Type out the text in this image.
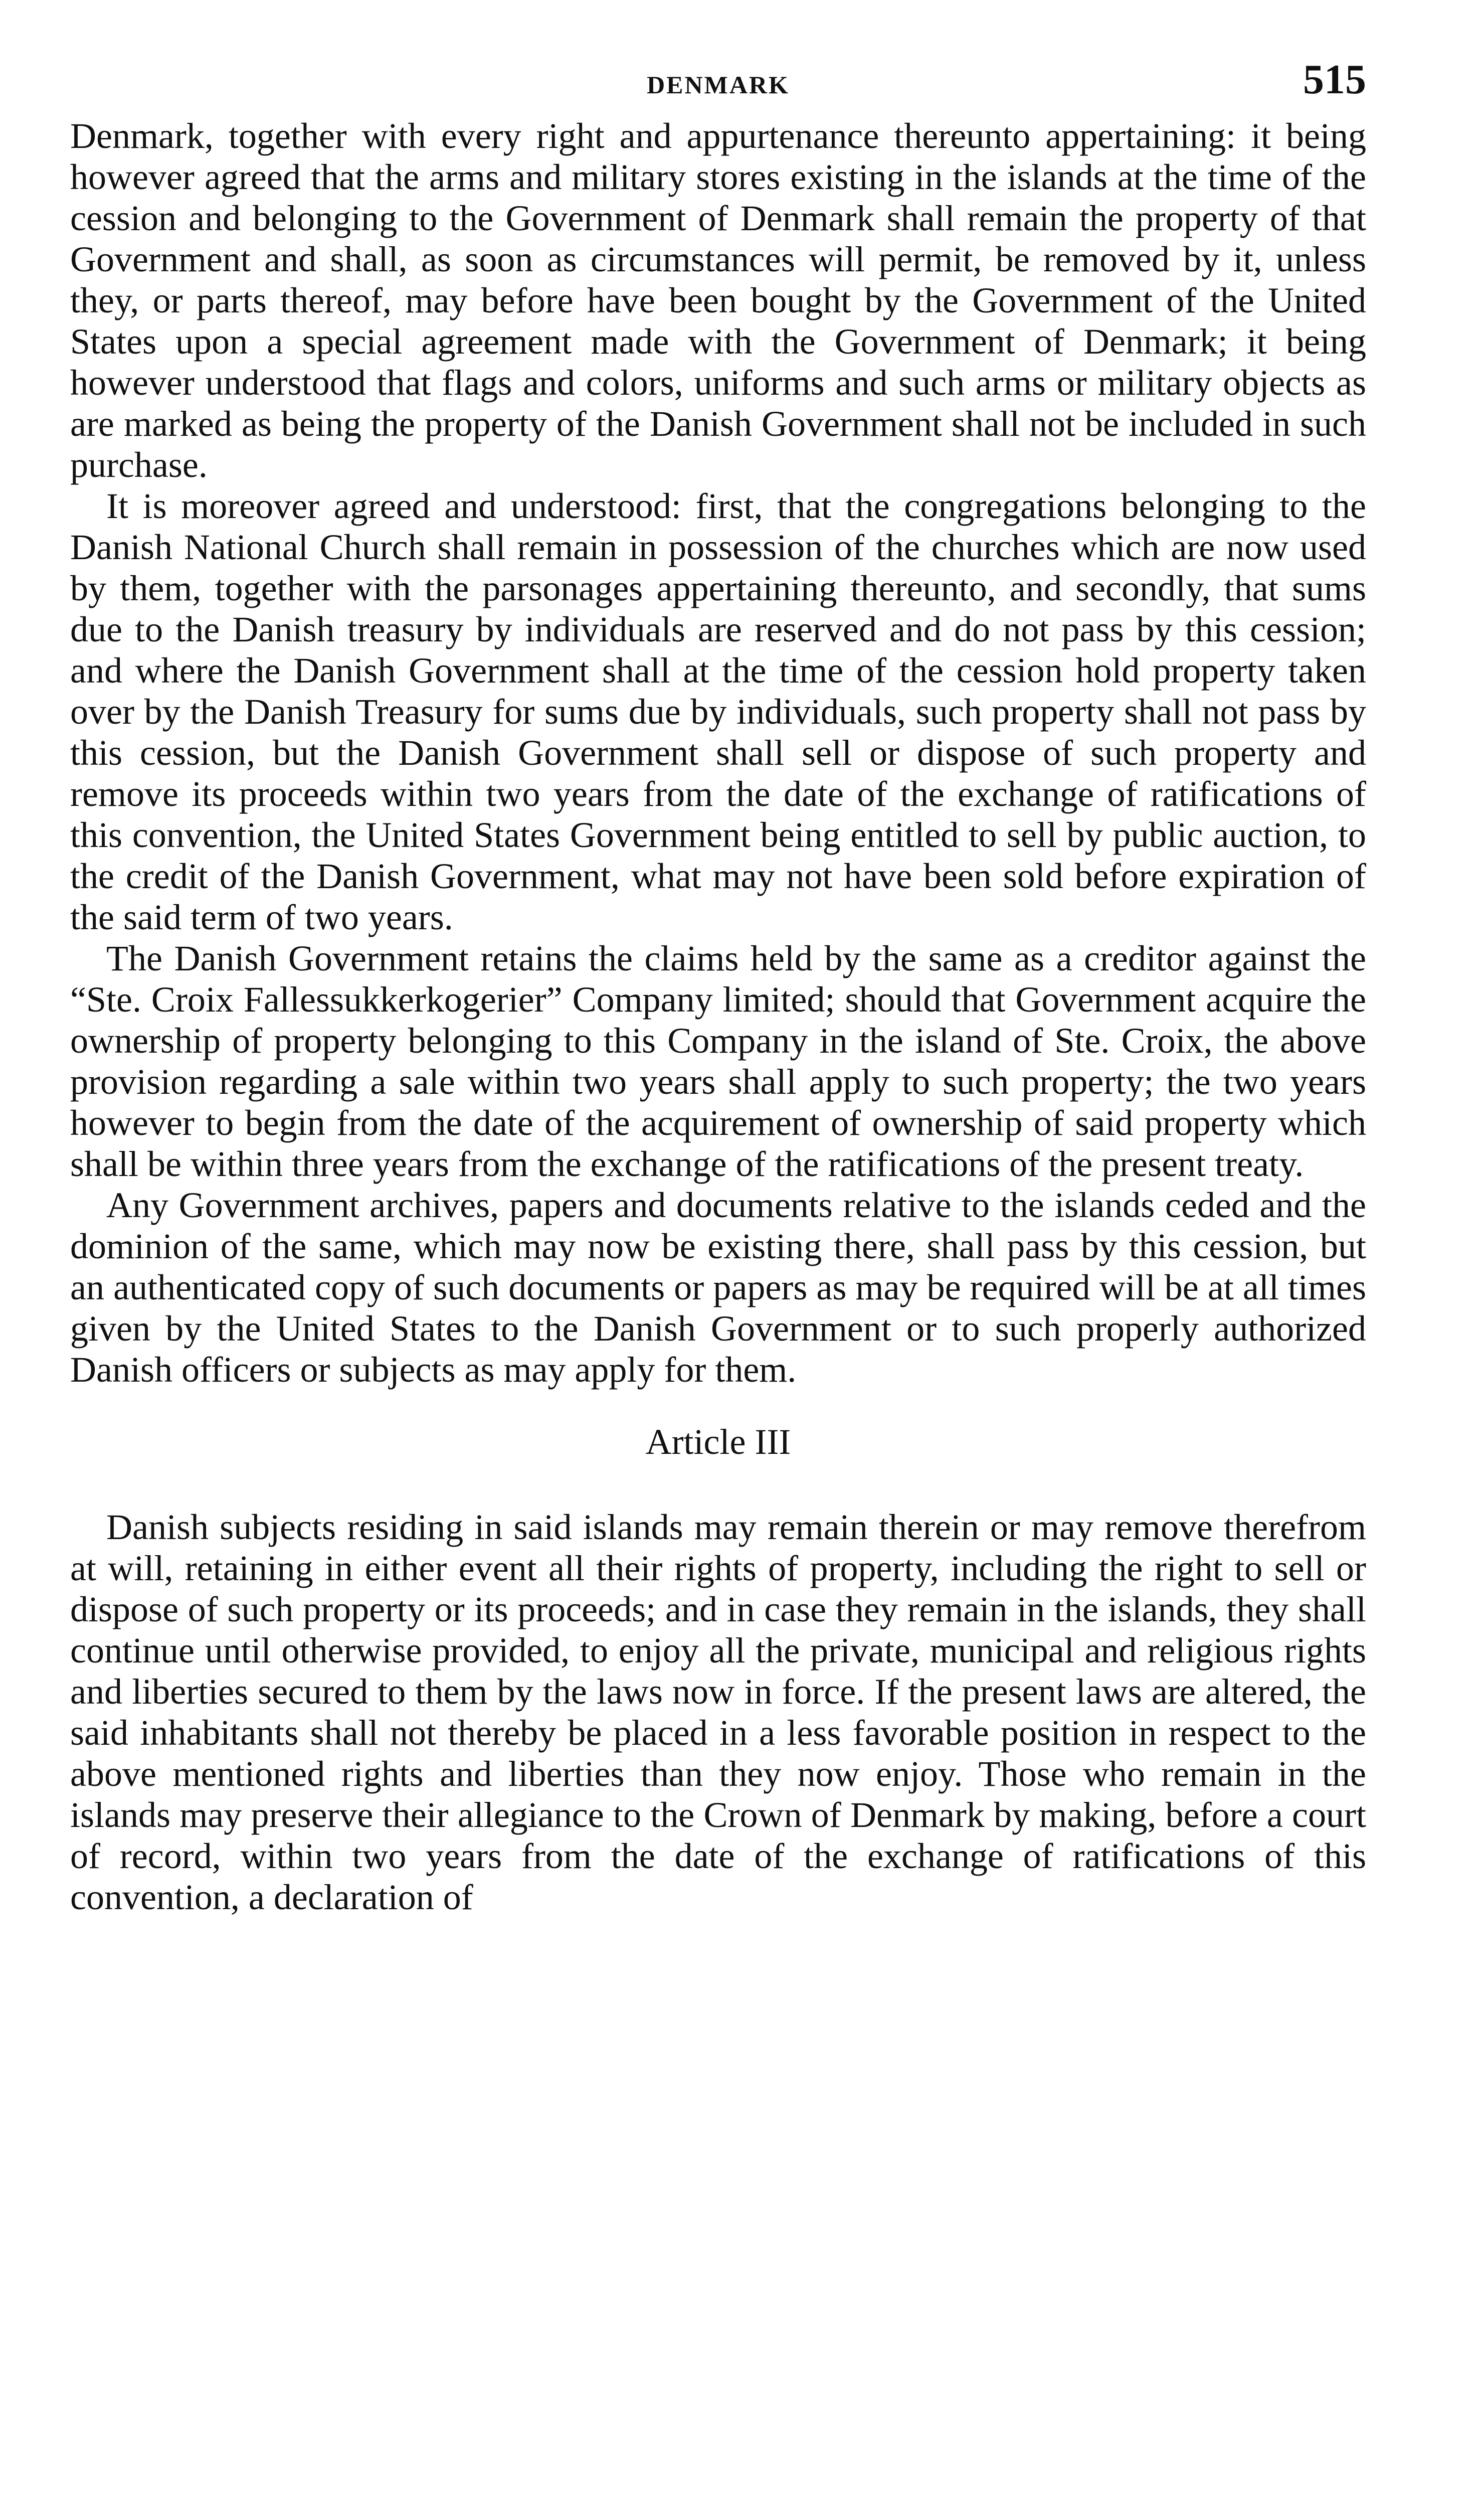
DENMARK	515

Denmark, together with every right and appurtenance thereunto appertaining: it being however agreed that the arms and military stores existing in the islands at the time of the cession and belonging to the Government of Denmark shall remain the property of that Government and shall, as soon as circumstances will permit, be removed by it, unless they, or parts thereof, may before have been bought by the Government of the United States upon a special agreement made with the Government of Denmark; it being however understood that flags and colors, uniforms and such arms or military objects as are marked as being the property of the Danish Government shall not be included in such purchase.

It is moreover agreed and understood: first, that the congregations belonging to the Danish National Church shall remain in possession of the churches which are now used by them, together with the parsonages appertaining thereunto, and secondly, that sums due to the Danish treasury by individuals are reserved and do not pass by this cession; and where the Danish Government shall at the time of the cession hold property taken over by the Danish Treasury for sums due by individuals, such property shall not pass by this cession, but the Danish Government shall sell or dispose of such property and remove its proceeds within two years from the date of the exchange of ratifications of this convention, the United States Government being entitled to sell by public auction, to the credit of the Danish Government, what may not have been sold before expiration of the said term of two years.

The Danish Government retains the claims held by the same as a creditor against the “Ste. Croix Fallessukkerkogerier” Company limited; should that Government acquire the ownership of property belonging to this Company in the island of Ste. Croix, the above provision regarding a sale within two years shall apply to such property; the two years however to begin from the date of the acquirement of ownership of said property which shall be within three years from the exchange of the ratifications of the present treaty.

Any Government archives, papers and documents relative to the islands ceded and the dominion of the same, which may now be existing there, shall pass by this cession, but an authenticated copy of such documents or papers as may be required will be at all times given by the United States to the Danish Government or to such properly authorized Danish officers or subjects as may apply for them.

Article III

Danish subjects residing in said islands may remain therein or may remove therefrom at will, retaining in either event all their rights of property, including the right to sell or dispose of such property or its proceeds; and in case they remain in the islands, they shall continue until otherwise provided, to enjoy all the private, municipal and religious rights and liberties secured to them by the laws now in force. If the present laws are altered, the said inhabitants shall not thereby be placed in a less favorable position in respect to the above mentioned rights and liberties than they now enjoy. Those who remain in the islands may preserve their allegiance to the Crown of Denmark by making, before a court of record, within two years from the date of the exchange of ratifications of this convention, a declaration of
